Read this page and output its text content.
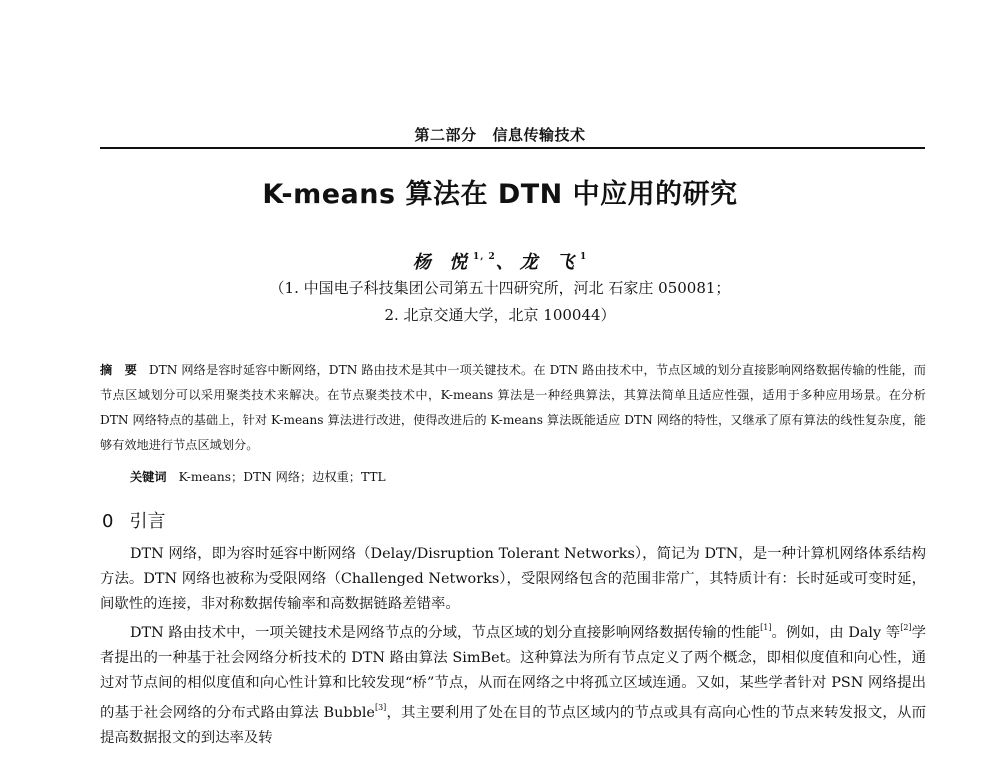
第二部分 信息传输技术
K-means 算法在 DTN 中应用的研究
杨 悦$^{1, 2}$、龙 飞$^1$
（1. 中国电子科技集团公司第五十四研究所，河北 石家庄 050081；
2. 北京交通大学，北京 100044）
摘　要 DTN 网络是容时延容中断网络，DTN 路由技术是其中一项关键技术。在 DTN 路由技术中，节点区域的划分直接影响网络数据传输的性能，而节点区域划分可以采用聚类技术来解决。在节点聚类技术中，K-means 算法是一种经典算法，其算法简单且适应性强，适用于多种应用场景。在分析 DTN 网络特点的基础上，针对 K-means 算法进行改进，使得改进后的 K-means 算法既能适应 DTN 网络的特性，又继承了原有算法的线性复杂度，能够有效地进行节点区域划分。
关键词 K-means；DTN 网络；边权重；TTL
0 引言

DTN 网络，即为容时延容中断网络（Delay/Disruption Tolerant Networks），简记为 DTN，是一种计算机网络体系结构方法。DTN 网络也被称为受限网络（Challenged Networks），受限网络包含的范围非常广，其特质计有：长时延或可变时延，间歇性的连接，非对称数据传输率和高数据链路差错率。

DTN 路由技术中，一项关键技术是网络节点的分域，节点区域的划分直接影响网络数据传输的性能[1]。例如，由 Daly 等[2]学者提出的一种基于社会网络分析技术的 DTN 路由算法 SimBet。这种算法为所有节点定义了两个概念，即相似度值和向心性，通过对节点间的相似度值和向心性计算和比较发现“桥”节点，从而在网络之中将孤立区域连通。又如，某些学者针对 PSN 网络提出的基于社会网络的分布式路由算法 Bubble[3]，其主要利用了处在目的节点区域内的节点或具有高向心性的节点来转发报文，从而提高数据报文的到达率及转
